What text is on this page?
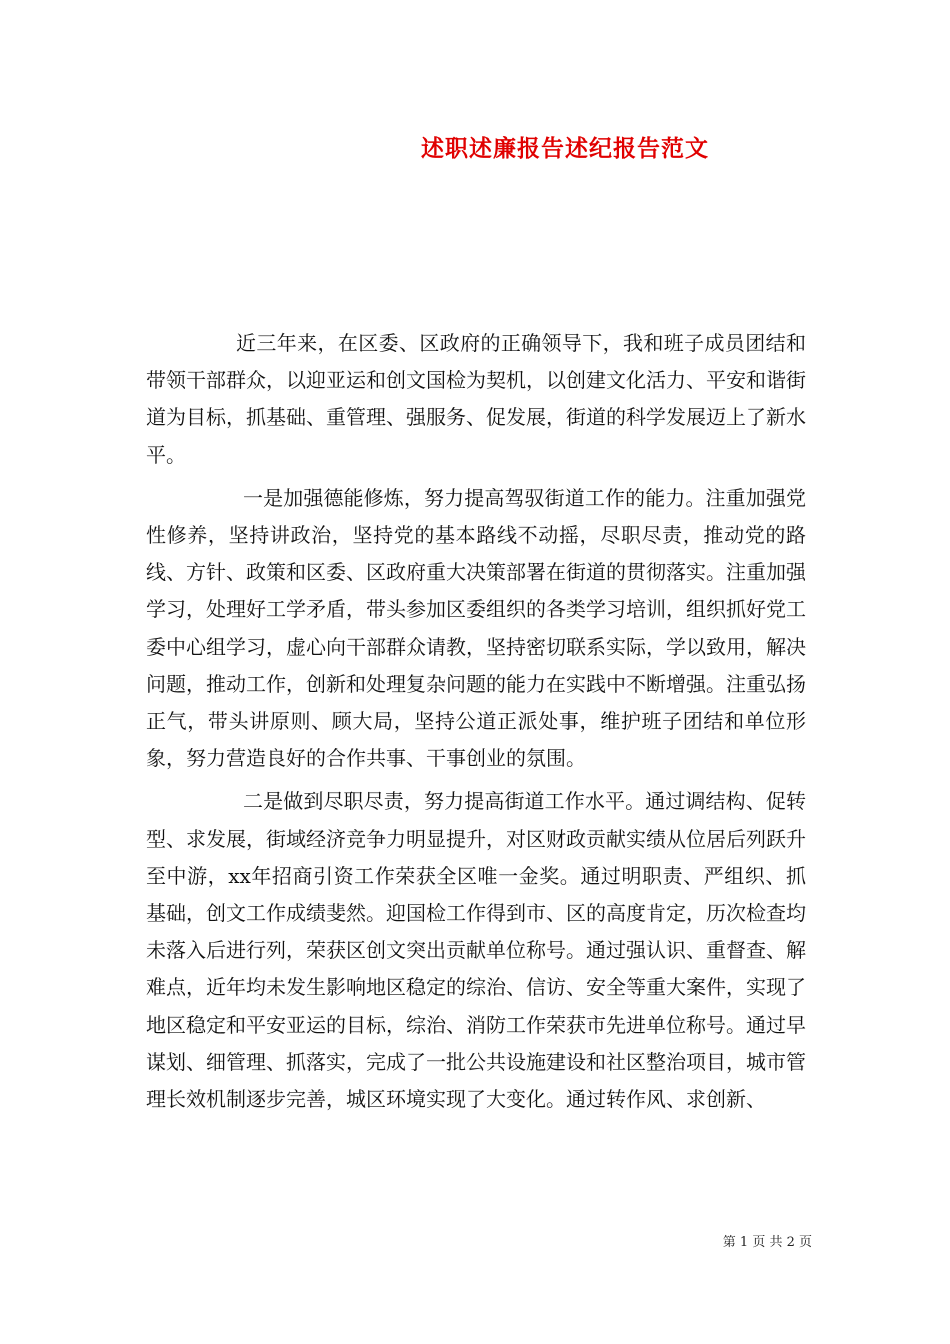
述职述廉报告述纪报告范文

近三年来，在区委、区政府的正确领导下，我和班子成员团结和带领干部群众，以迎亚运和创文国检为契机，以创建文化活力、平安和谐街道为目标，抓基础、重管理、强服务、促发展，街道的科学发展迈上了新水平。

一是加强德能修炼，努力提高驾驭街道工作的能力。注重加强党性修养，坚持讲政治，坚持党的基本路线不动摇，尽职尽责，推动党的路线、方针、政策和区委、区政府重大决策部署在街道的贯彻落实。注重加强学习，处理好工学矛盾，带头参加区委组织的各类学习培训，组织抓好党工委中心组学习，虚心向干部群众请教，坚持密切联系实际，学以致用，解决问题，推动工作，创新和处理复杂问题的能力在实践中不断增强。注重弘扬正气，带头讲原则、顾大局，坚持公道正派处事，维护班子团结和单位形象，努力营造良好的合作共事、干事创业的氛围。

二是做到尽职尽责，努力提高街道工作水平。通过调结构、促转型、求发展，街域经济竞争力明显提升，对区财政贡献实绩从位居后列跃升至中游，xx年招商引资工作荣获全区唯一金奖。通过明职责、严组织、抓基础，创文工作成绩斐然。迎国检工作得到市、区的高度肯定，历次检查均未落入后进行列，荣获区创文突出贡献单位称号。通过强认识、重督查、解难点，近年均未发生影响地区稳定的综治、信访、安全等重大案件，实现了地区稳定和平安亚运的目标，综治、消防工作荣获市先进单位称号。通过早谋划、细管理、抓落实，完成了一批公共设施建设和社区整治项目，城市管理长效机制逐步完善，城区环境实现了大变化。通过转作风、求创新、

第 1 页 共 2 页
